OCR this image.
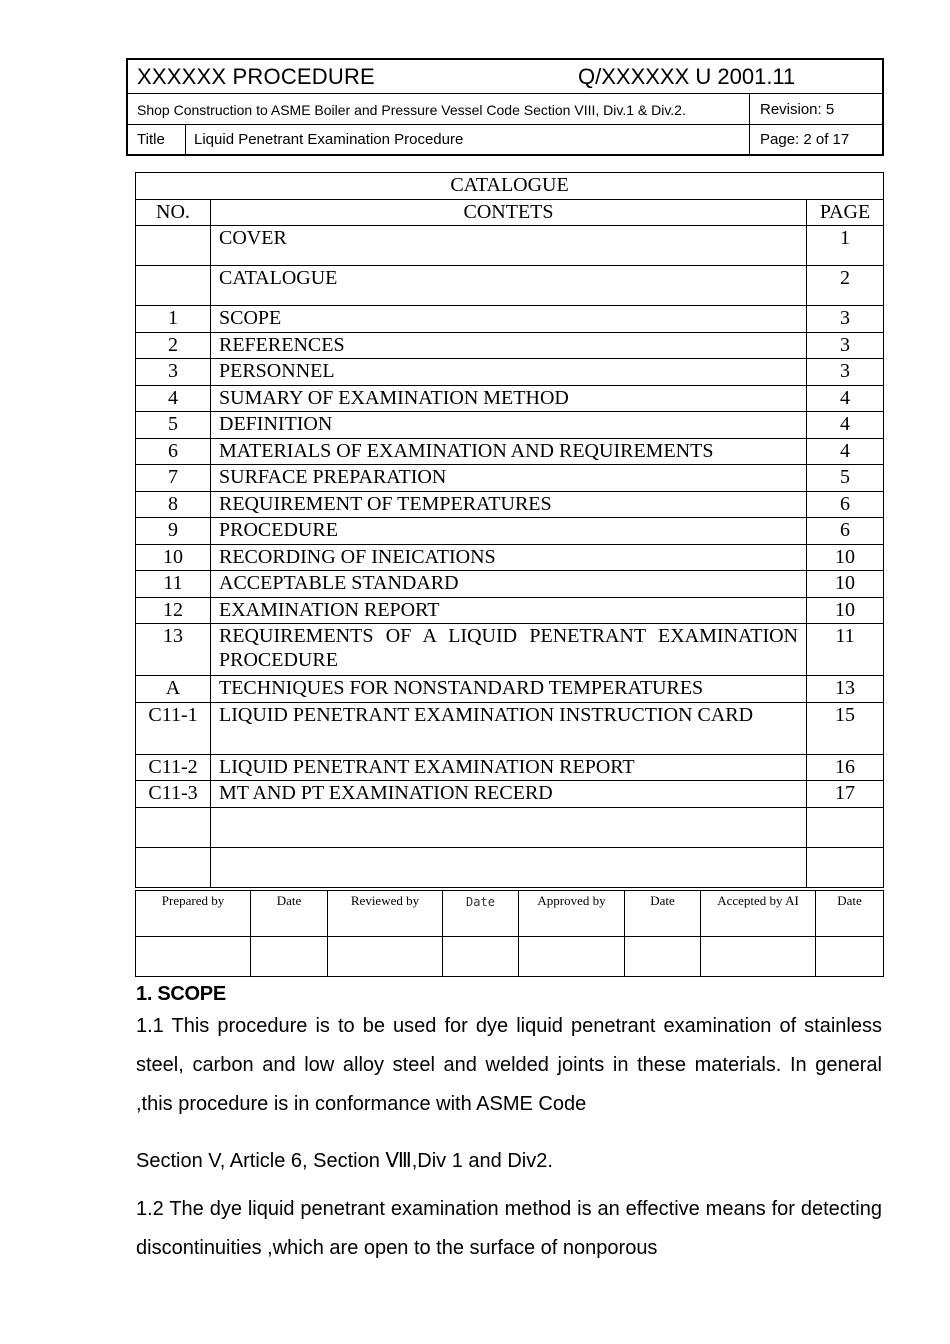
XXXXXX PROCEDURE	Q/XXXXXX U 2001.11
Shop Construction to ASME Boiler and Pressure Vessel Code Section VIII, Div.1 & Div.2.	Revision: 5
Title Liquid Penetrant Examination Procedure	Page: 2 of 17
CATALOGUE		
NO.	CONTETS	PAGE
	COVER	1
	CATALOGUE	2
1	SCOPE	3
2	REFERENCES	3
3	PERSONNEL	3
4	SUMARY OF EXAMINATION METHOD	4
5	DEFINITION	4
6	MATERIALS OF EXAMINATION AND REQUIREMENTS	4
7	SURFACE PREPARATION	5
8	REQUIREMENT OF TEMPERATURES	6
9	PROCEDURE	6
10	RECORDING OF INEICATIONS	10
11	ACCEPTABLE STANDARD	10
12	EXAMINATION REPORT	10
13	REQUIREMENTS OF A LIQUID PENETRANT EXAMINATION PROCEDURE	11
A	TECHNIQUES FOR NONSTANDARD TEMPERATURES	13
C11-1	LIQUID PENETRANT EXAMINATION INSTRUCTION CARD	15
C11-2	LIQUID PENETRANT EXAMINATION REPORT	16
C11-3	MT AND PT EXAMINATION RECERD	17

Prepared by	Date	Reviewed by	Date	Approved by	Date	Accepted by AI	Date

1. SCOPE

1.1 This procedure is to be used for dye liquid penetrant examination of stainless steel, carbon and low alloy steel and welded joints in these materials. In general ,this procedure is in conformance with ASME Code

Section V, Article 6, Section Ⅷ,Div 1 and Div2.

1.2 The dye liquid penetrant examination method is an effective means for detecting discontinuities ,which are open to the surface of nonporous
